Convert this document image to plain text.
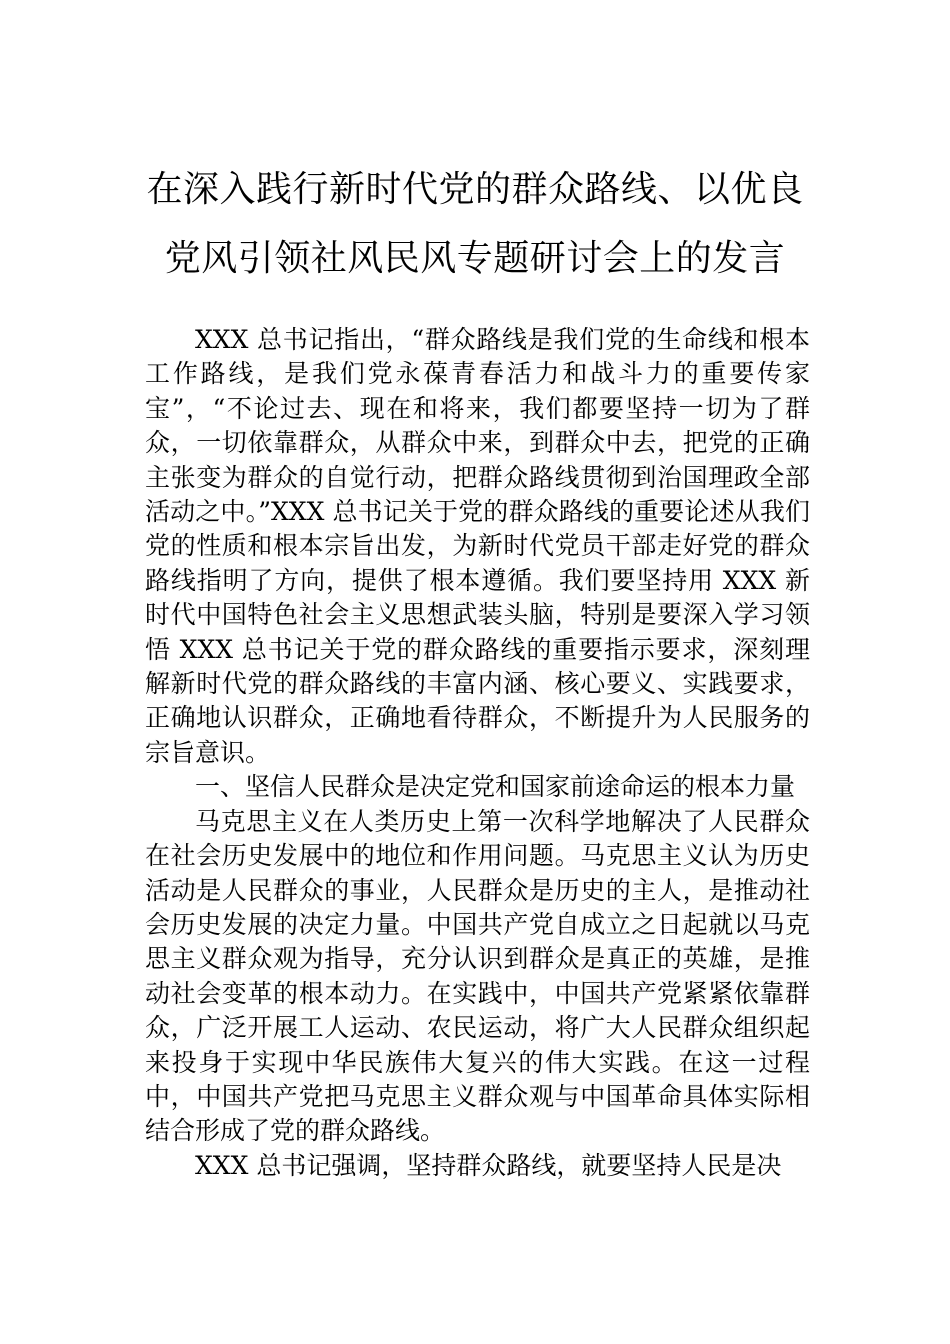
在深入践行新时代党的群众路线、以优良
党风引领社风民风专题研讨会上的发言

XXX 总书记指出，“群众路线是我们党的生命线和根本工作路线，是我们党永葆青春活力和战斗力的重要传家宝”，“不论过去、现在和将来，我们都要坚持一切为了群众，一切依靠群众，从群众中来，到群众中去，把党的正确主张变为群众的自觉行动，把群众路线贯彻到治国理政全部活动之中。”XXX 总书记关于党的群众路线的重要论述从我们党的性质和根本宗旨出发，为新时代党员干部走好党的群众路线指明了方向，提供了根本遵循。我们要坚持用 XXX 新时代中国特色社会主义思想武装头脑，特别是要深入学习领悟 XXX 总书记关于党的群众路线的重要指示要求，深刻理解新时代党的群众路线的丰富内涵、核心要义、实践要求，正确地认识群众，正确地看待群众，不断提升为人民服务的宗旨意识。

一、坚信人民群众是决定党和国家前途命运的根本力量

马克思主义在人类历史上第一次科学地解决了人民群众在社会历史发展中的地位和作用问题。马克思主义认为历史活动是人民群众的事业，人民群众是历史的主人，是推动社会历史发展的决定力量。中国共产党自成立之日起就以马克思主义群众观为指导，充分认识到群众是真正的英雄，是推动社会变革的根本动力。在实践中，中国共产党紧紧依靠群众，广泛开展工人运动、农民运动，将广大人民群众组织起来投身于实现中华民族伟大复兴的伟大实践。在这一过程中，中国共产党把马克思主义群众观与中国革命具体实际相结合形成了党的群众路线。

XXX 总书记强调，坚持群众路线，就要坚持人民是决
